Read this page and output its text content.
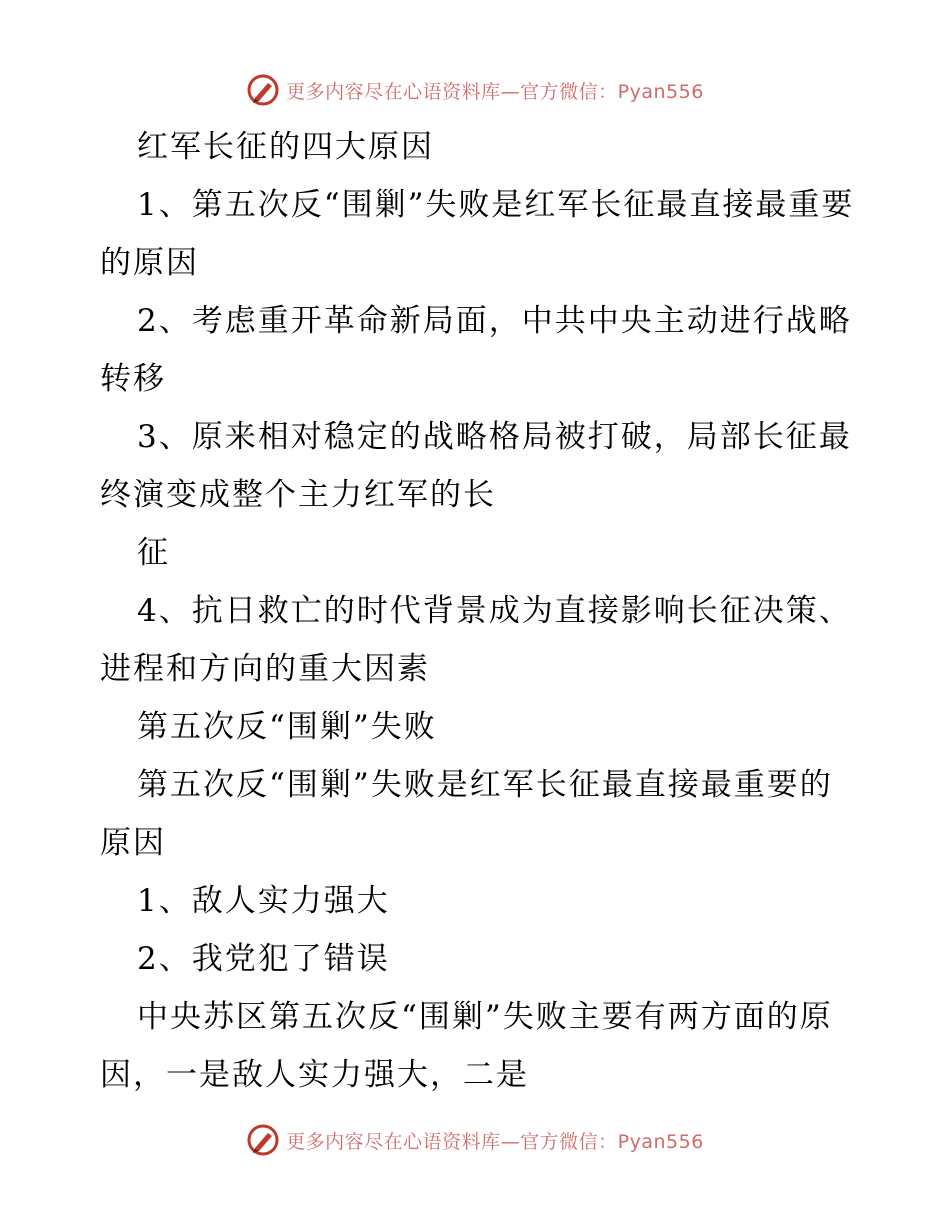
更多内容尽在心语资料库—官方微信：Pyan556

红军长征的四大原因

1、第五次反“围剿”失败是红军长征最直接最重要的原因

2、考虑重开革命新局面，中共中央主动进行战略转移

3、原来相对稳定的战略格局被打破，局部长征最终演变成整个主力红军的长

征

4、抗日救亡的时代背景成为直接影响长征决策、进程和方向的重大因素

第五次反“围剿”失败

第五次反“围剿”失败是红军长征最直接最重要的原因

1、敌人实力强大

2、我党犯了错误

中央苏区第五次反“围剿”失败主要有两方面的原因，一是敌人实力强大，二是

更多内容尽在心语资料库—官方微信：Pyan556
